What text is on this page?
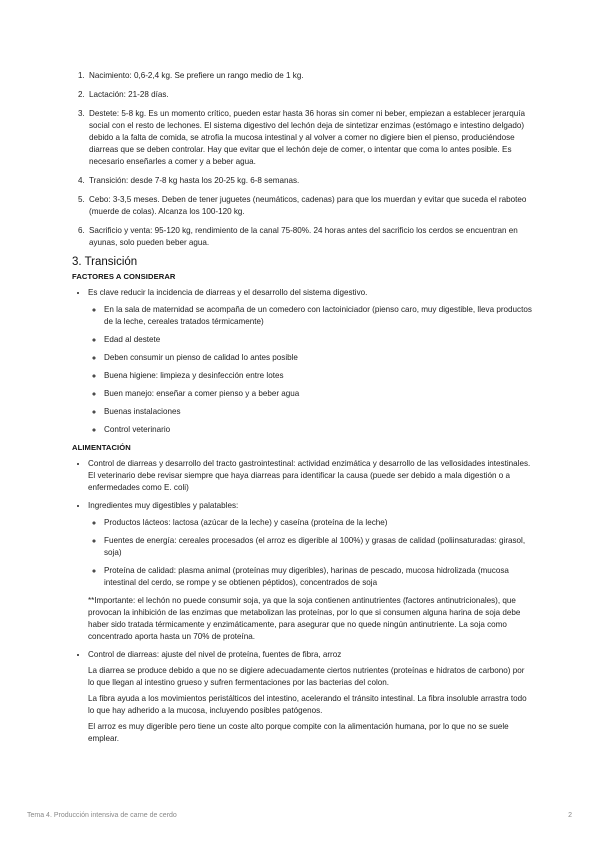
1. Nacimiento: 0,6-2,4 kg. Se prefiere un rango medio de 1 kg.
2. Lactación: 21-28 días.
3. Destete: 5-8 kg. Es un momento crítico, pueden estar hasta 36 horas sin comer ni beber, empiezan a establecer jerarquía social con el resto de lechones. El sistema digestivo del lechón deja de sintetizar enzimas (estómago e intestino delgado) debido a la falta de comida, se atrofia la mucosa intestinal y al volver a comer no digiere bien el pienso, produciéndose diarreas que se deben controlar. Hay que evitar que el lechón deje de comer, o intentar que coma lo antes posible. Es necesario enseñarles a comer y a beber agua.
4. Transición: desde 7-8 kg hasta los 20-25 kg. 6-8 semanas.
5. Cebo: 3-3,5 meses. Deben de tener juguetes (neumáticos, cadenas) para que los muerdan y evitar que suceda el raboteo (muerde de colas). Alcanza los 100-120 kg.
6. Sacrificio y venta: 95-120 kg, rendimiento de la canal 75-80%. 24 horas antes del sacrificio los cerdos se encuentran en ayunas, solo pueden beber agua.
3. Transición
FACTORES A CONSIDERAR
• Es clave reducir la incidencia de diarreas y el desarrollo del sistema digestivo.
◦ En la sala de maternidad se acompaña de un comedero con lactoiniciador (pienso caro, muy digestible, lleva productos de la leche, cereales tratados térmicamente)
◦ Edad al destete
◦ Deben consumir un pienso de calidad lo antes posible
◦ Buena higiene: limpieza y desinfección entre lotes
◦ Buen manejo: enseñar a comer pienso y a beber agua
◦ Buenas instalaciones
◦ Control veterinario
ALIMENTACIÓN
• Control de diarreas y desarrollo del tracto gastrointestinal: actividad enzimática y desarrollo de las vellosidades intestinales. El veterinario debe revisar siempre que haya diarreas para identificar la causa (puede ser debido a mala digestión o a enfermedades como E. coli)
• Ingredientes muy digestibles y palatables:
◦ Productos lácteos: lactosa (azúcar de la leche) y caseína (proteína de la leche)
◦ Fuentes de energía: cereales procesados (el arroz es digerible al 100%) y grasas de calidad (poliinsaturadas: girasol, soja)
◦ Proteína de calidad: plasma animal (proteínas muy digeribles), harinas de pescado, mucosa hidrolizada (mucosa intestinal del cerdo, se rompe y se obtienen péptidos), concentrados de soja

**Importante: el lechón no puede consumir soja, ya que la soja contienen antinutrientes (factores antinutricionales), que provocan la inhibición de las enzimas que metabolizan las proteínas, por lo que si consumen alguna harina de soja debe haber sido tratada térmicamente y enzimáticamente, para asegurar que no quede ningún antinutriente. La soja como concentrado aporta hasta un 70% de proteína.

• Control de diarreas: ajuste del nivel de proteína, fuentes de fibra, arroz

La diarrea se produce debido a que no se digiere adecuadamente ciertos nutrientes (proteínas e hidratos de carbono) por lo que llegan al intestino grueso y sufren fermentaciones por las bacterias del colon.

La fibra ayuda a los movimientos peristálticos del intestino, acelerando el tránsito intestinal. La fibra insoluble arrastra todo lo que hay adherido a la mucosa, incluyendo posibles patógenos.

El arroz es muy digerible pero tiene un coste alto porque compite con la alimentación humana, por lo que no se suele emplear.

Tema 4. Producción intensiva de carne de cerdo	2
